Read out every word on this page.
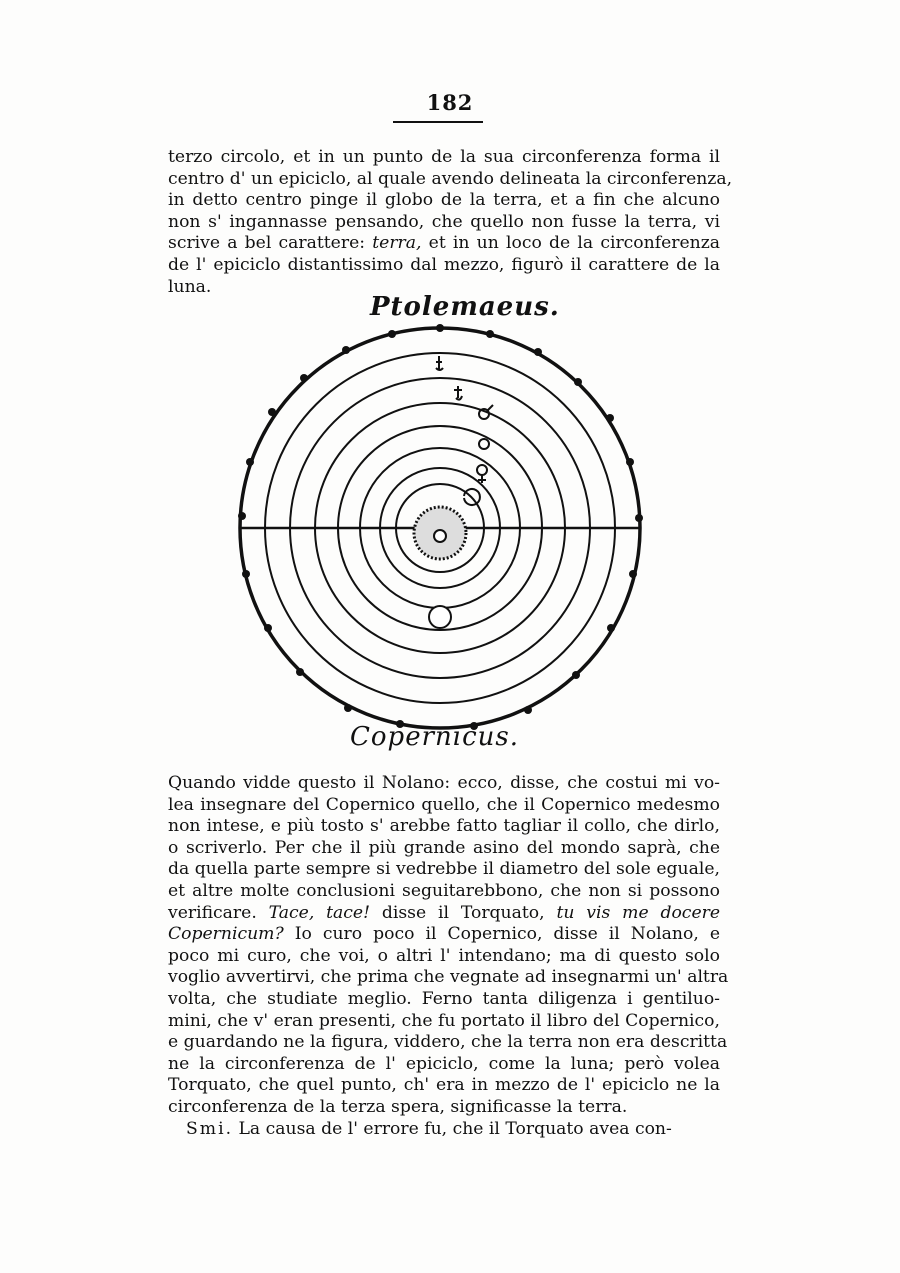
182
terzo circolo, et in un punto de la sua circonferenza forma il
centro d' un epiciclo, al quale avendo delineata la circonferenza,
in detto centro pinge il globo de la terra, et a fin che alcuno
non s' ingannasse pensando, che quello non fusse la terra, vi
scrive a bel carattere: terra, et in un loco de la circonferenza
de l' epiciclo distantissimo dal mezzo, figurò il carattere de la
luna.
Ptolemaeus.
Copernicus.
Quando vidde questo il Nolano: ecco, disse, che costui mi vo-
lea insegnare del Copernico quello, che il Copernico medesmo
non intese, e più tosto s' arebbe fatto tagliar il collo, che dirlo,
o scriverlo. Per che il più grande asino del mondo saprà, che
da quella parte sempre si vedrebbe il diametro del sole eguale,
et altre molte conclusioni seguitarebbono, che non si possono
verificare. Tace, tace! disse il Torquato, tu vis me docere
Copernicum? Io curo poco il Copernico, disse il Nolano, e
poco mi curo, che voi, o altri l' intendano; ma di questo solo
voglio avvertirvi, che prima che vegnate ad insegnarmi un' altra
volta, che studiate meglio. Ferno tanta diligenza i gentiluo-
mini, che v' eran presenti, che fu portato il libro del Copernico,
e guardando ne la figura, viddero, che la terra non era descritta
ne la circonferenza de l' epiciclo, come la luna; però volea
Torquato, che quel punto, ch' era in mezzo de l' epiciclo ne la
circonferenza de la terza spera, significasse la terra.
Smi. La causa de l' errore fu, che il Torquato avea con-
